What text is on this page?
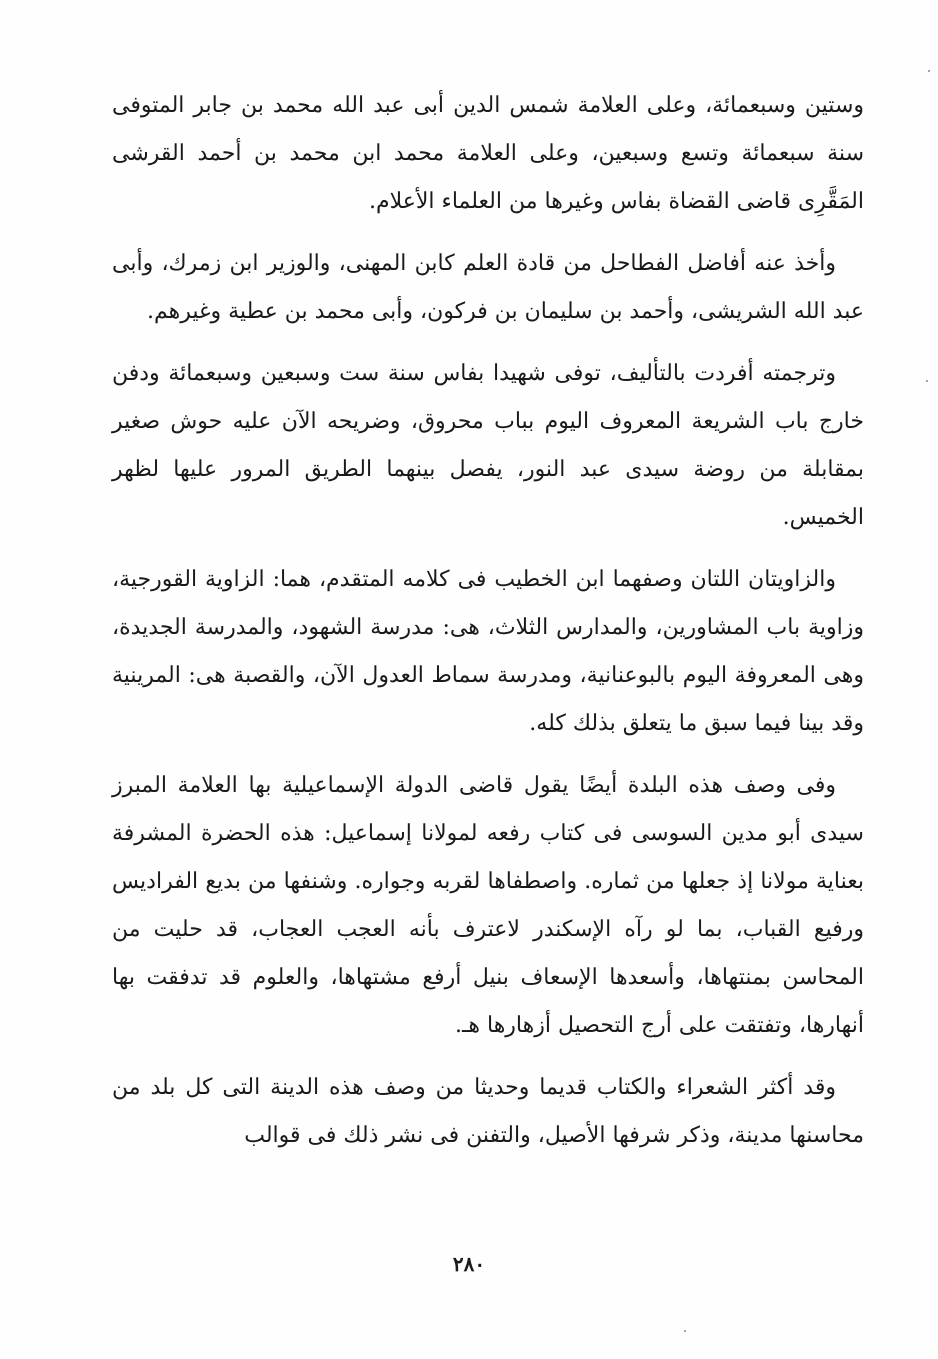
وستين وسبعمائة، وعلى العلامة شمس الدين أبى عبد الله محمد بن جابر المتوفى سنة سبعمائة وتسع وسبعين، وعلى العلامة محمد ابن محمد بن أحمد القرشى المَقَّرِى قاضى القضاة بفاس وغيرها من العلماء الأعلام.

وأخذ عنه أفاضل الفطاحل من قادة العلم كابن المهنى، والوزير ابن زمرك، وأبى عبد الله الشريشى، وأحمد بن سليمان بن فركون، وأبى محمد بن عطية وغيرهم.

وترجمته أفردت بالتأليف، توفى شهيدا بفاس سنة ست وسبعين وسبعمائة ودفن خارج باب الشريعة المعروف اليوم بباب محروق، وضريحه الآن عليه حوش صغير بمقابلة من روضة سيدى عبد النور، يفصل بينهما الطريق المرور عليها لظهر الخميس.

والزاويتان اللتان وصفهما ابن الخطيب فى كلامه المتقدم، هما: الزاوية القورجية، وزاوية باب المشاورين، والمدارس الثلاث، هى: مدرسة الشهود، والمدرسة الجديدة، وهى المعروفة اليوم بالبوعنانية، ومدرسة سماط العدول الآن، والقصبة هى: المرينية وقد بينا فيما سبق ما يتعلق بذلك كله.

وفى وصف هذه البلدة أيضًا يقول قاضى الدولة الإسماعيلية بها العلامة المبرز سيدى أبو مدين السوسى فى كتاب رفعه لمولانا إسماعيل: هذه الحضرة المشرفة بعناية مولانا إذ جعلها من ثماره. واصطفاها لقربه وجواره. وشنفها من بديع الفراديس ورفيع القباب، بما لو رآه الإسكندر لاعترف بأنه العجب العجاب، قد حليت من المحاسن بمنتهاها، وأسعدها الإسعاف بنيل أرفع مشتهاها، والعلوم قد تدفقت بها أنهارها، وتفتقت على أرج التحصيل أزهارها هـ.

وقد أكثر الشعراء والكتاب قديما وحديثا من وصف هذه الدينة التى كل بلد من محاسنها مدينة، وذكر شرفها الأصيل، والتفنن فى نشر ذلك فى قوالب

٢٨٠
